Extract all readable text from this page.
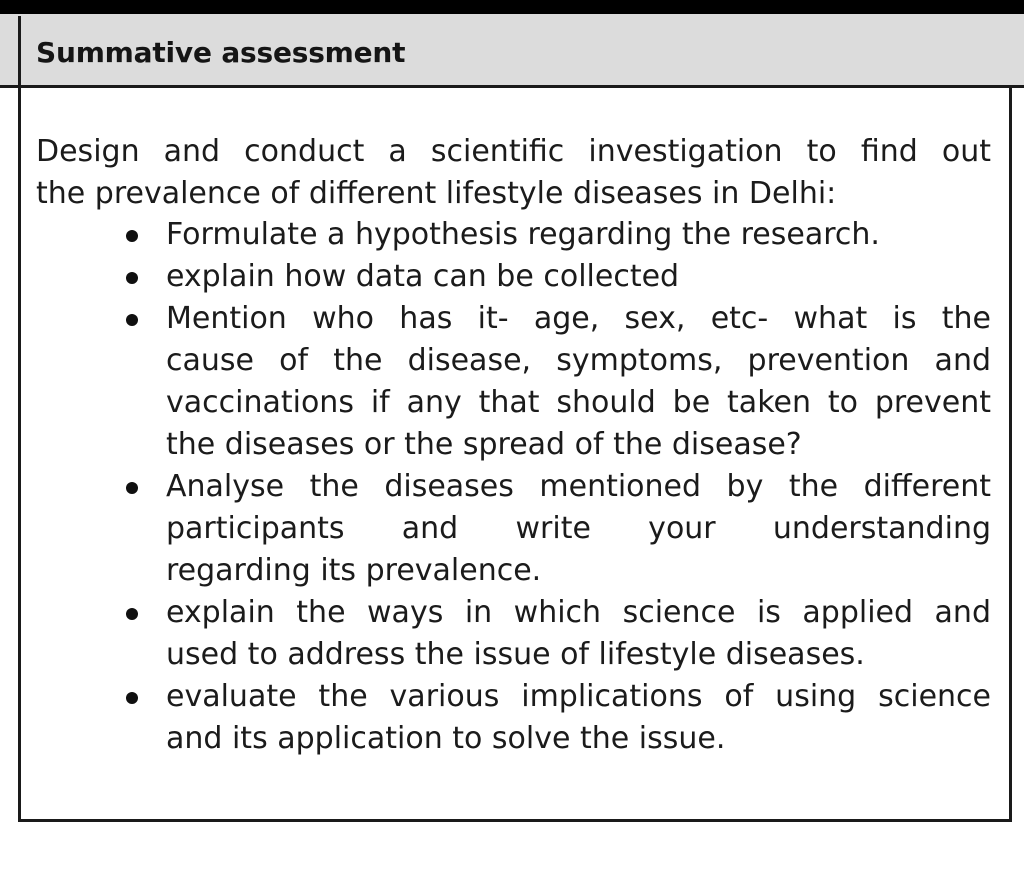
Summative assessment
Design and conduct a scientific investigation to find out
the prevalence of different lifestyle diseases in Delhi:
Formulate a hypothesis regarding the research.
explain how data can be collected
Mention who has it- age, sex, etc- what is the
cause of the disease, symptoms, prevention and
vaccinations if any that should be taken to prevent
the diseases or the spread of the disease?
Analyse the diseases mentioned by the different
participants and write your understanding
regarding its prevalence.
explain the ways in which science is applied and
used to address the issue of lifestyle diseases.
evaluate the various implications of using science
and its application to solve the issue.
